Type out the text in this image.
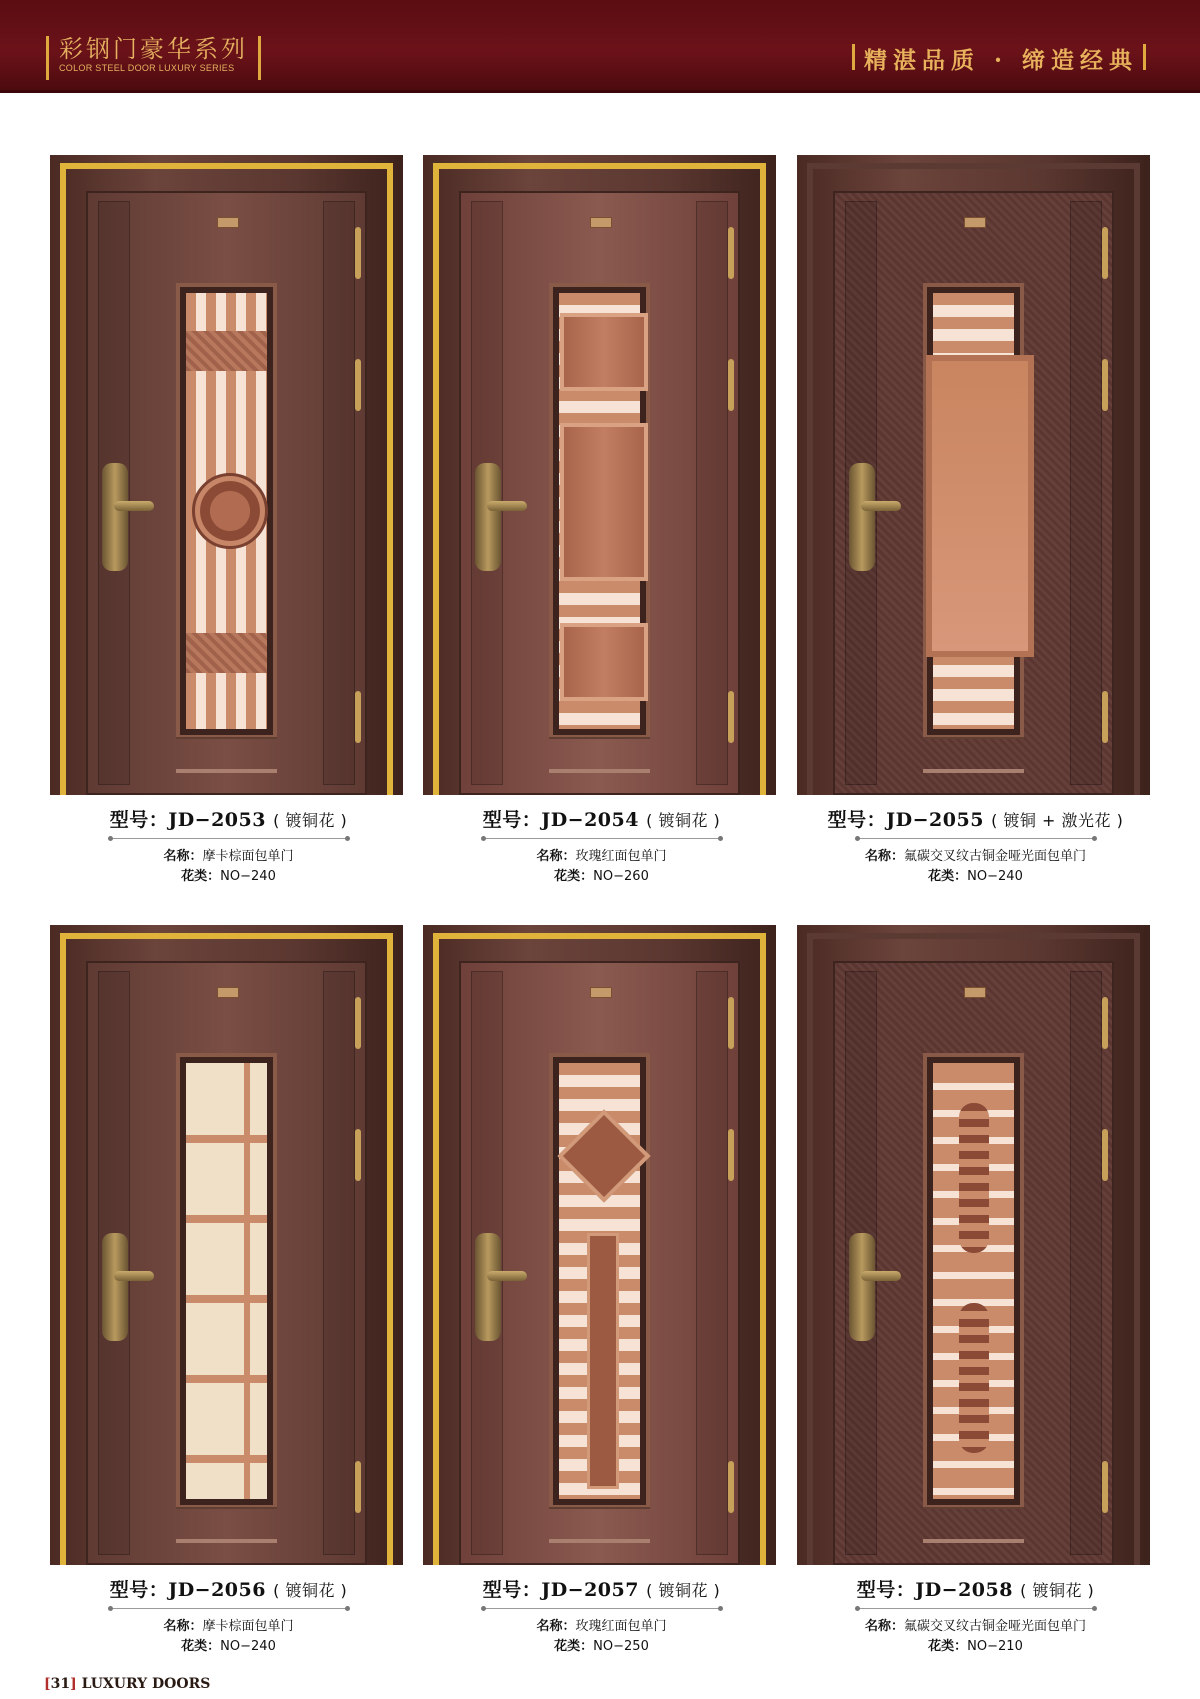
彩钢门豪华系列
COLOR STEEL DOOR LUXURY SERIES	精湛品质 · 缔造经典
型号：JD−2053 ( 镀铜花 )
名称：摩卡棕面包单门
花类：NO−240
型号：JD−2054 ( 镀铜花 )
名称：玫瑰红面包单门
花类：NO−260
型号：JD−2055 ( 镀铜 + 激光花 )
名称：氟碳交叉纹古铜金哑光面包单门
花类：NO−240
型号：JD−2056 ( 镀铜花 )
名称：摩卡棕面包单门
花类：NO−240
型号：JD−2057 ( 镀铜花 )
名称：玫瑰红面包单门
花类：NO−250
型号：JD−2058 ( 镀铜花 )
名称：氟碳交叉纹古铜金哑光面包单门
花类：NO−210
[31] LUXURY DOORS
